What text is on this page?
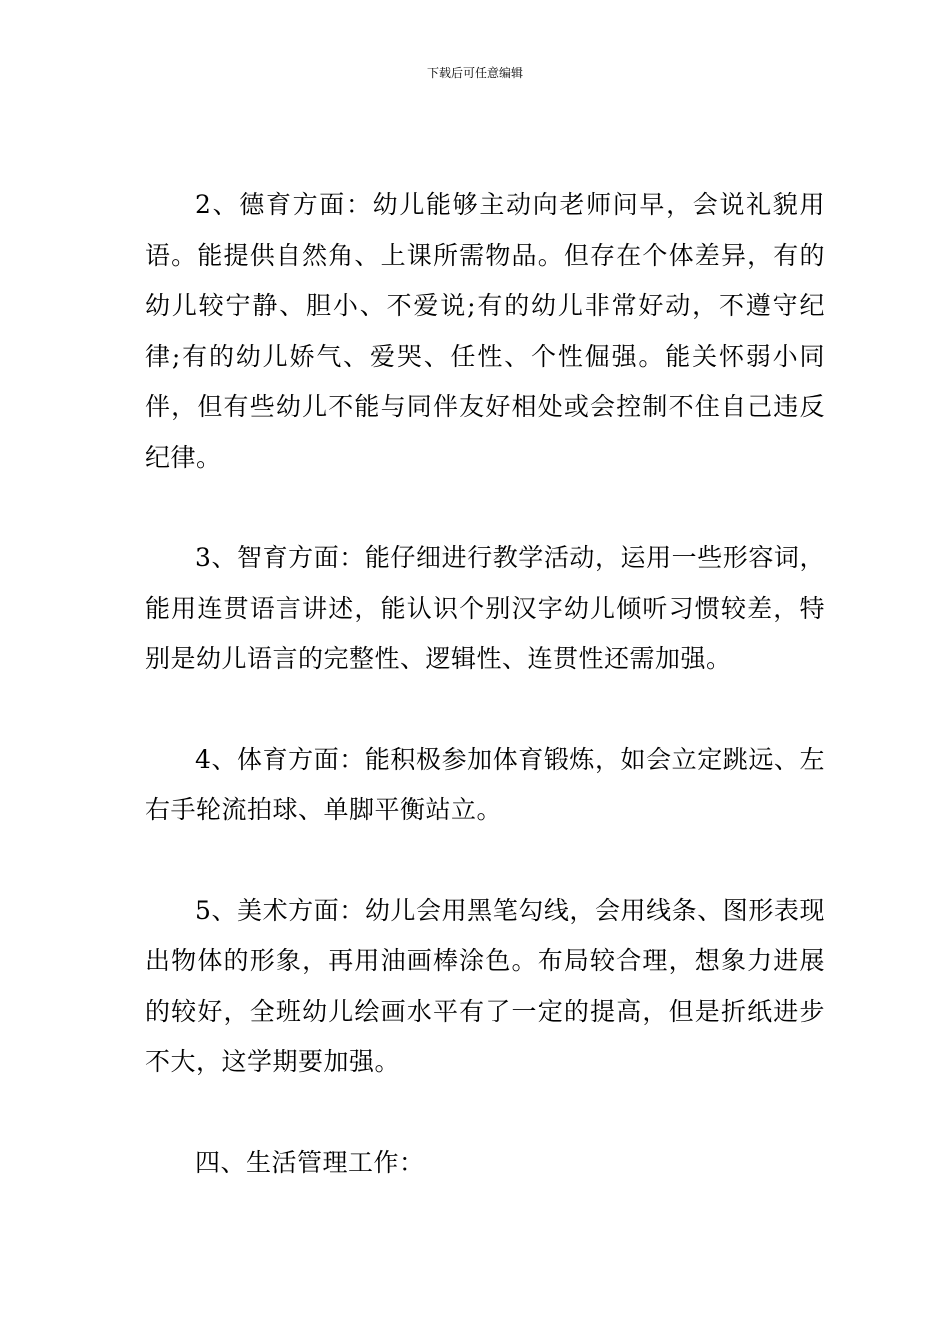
下载后可任意编辑

2、德育方面：幼儿能够主动向老师问早，会说礼貌用语。能提供自然角、上课所需物品。但存在个体差异，有的幼儿较宁静、胆小、不爱说;有的幼儿非常好动，不遵守纪律;有的幼儿娇气、爱哭、任性、个性倔强。能关怀弱小同伴，但有些幼儿不能与同伴友好相处或会控制不住自己违反纪律。

3、智育方面：能仔细进行教学活动，运用一些形容词，能用连贯语言讲述，能认识个别汉字幼儿倾听习惯较差，特别是幼儿语言的完整性、逻辑性、连贯性还需加强。

4、体育方面：能积极参加体育锻炼，如会立定跳远、左右手轮流拍球、单脚平衡站立。

5、美术方面：幼儿会用黑笔勾线，会用线条、图形表现出物体的形象，再用油画棒涂色。布局较合理，想象力进展的较好，全班幼儿绘画水平有了一定的提高，但是折纸进步不大，这学期要加强。

四、生活管理工作：
